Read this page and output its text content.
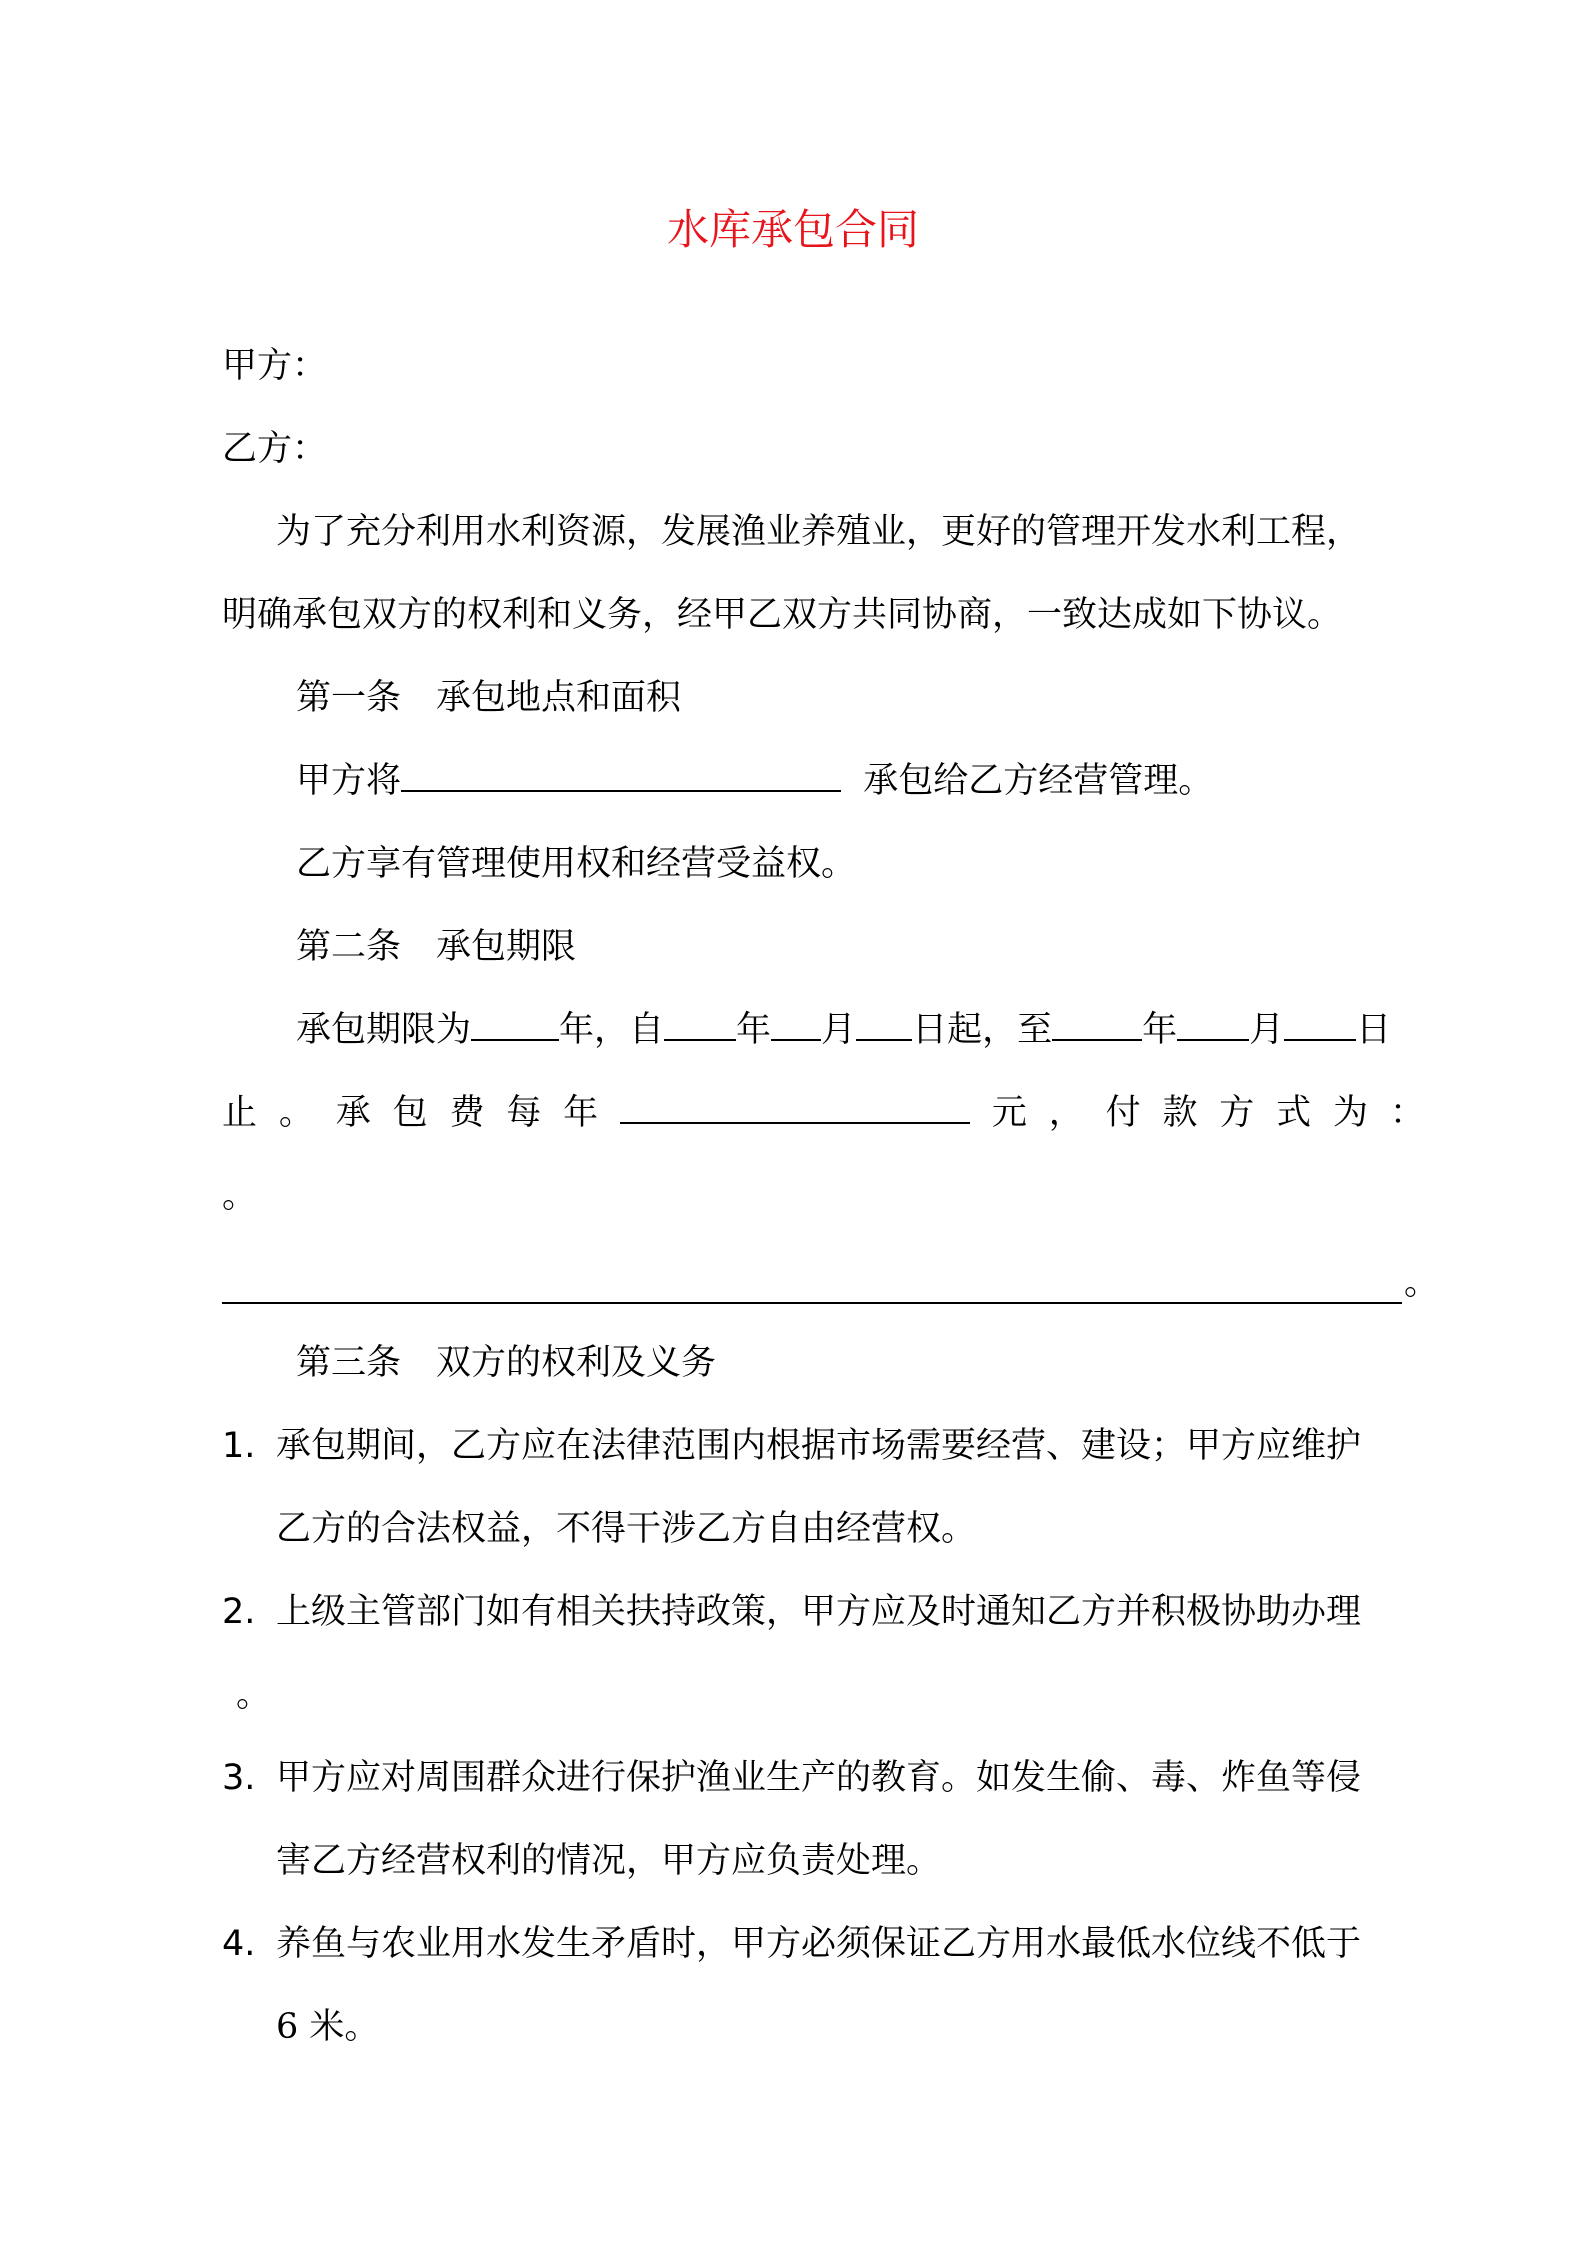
水库承包合同
甲方：
乙方：
为了充分利用水利资源，发展渔业养殖业，更好的管理开发水利工程，
明确承包双方的权利和义务，经甲乙双方共同协商，一致达成如下协议。
第一条　承包地点和面积
甲方将	承包给乙方经营管理。
乙方享有管理使用权和经营受益权。
第二条　承包期限
承包期限为	年，自 年 月 日起，至	年 月 日
止 。 承 包 费 每 年	元 ， 付 款 方 式 为 ：
。
。
第三条　双方的权利及义务
1. 承包期间，乙方应在法律范围内根据市场需要经营、建设；甲方应维护
乙方的合法权益，不得干涉乙方自由经营权。
2. 上级主管部门如有相关扶持政策，甲方应及时通知乙方并积极协助办理
。
3. 甲方应对周围群众进行保护渔业生产的教育。如发生偷、毒、炸鱼等侵
害乙方经营权利的情况，甲方应负责处理。
4. 养鱼与农业用水发生矛盾时，甲方必须保证乙方用水最低水位线不低于
6 米。
